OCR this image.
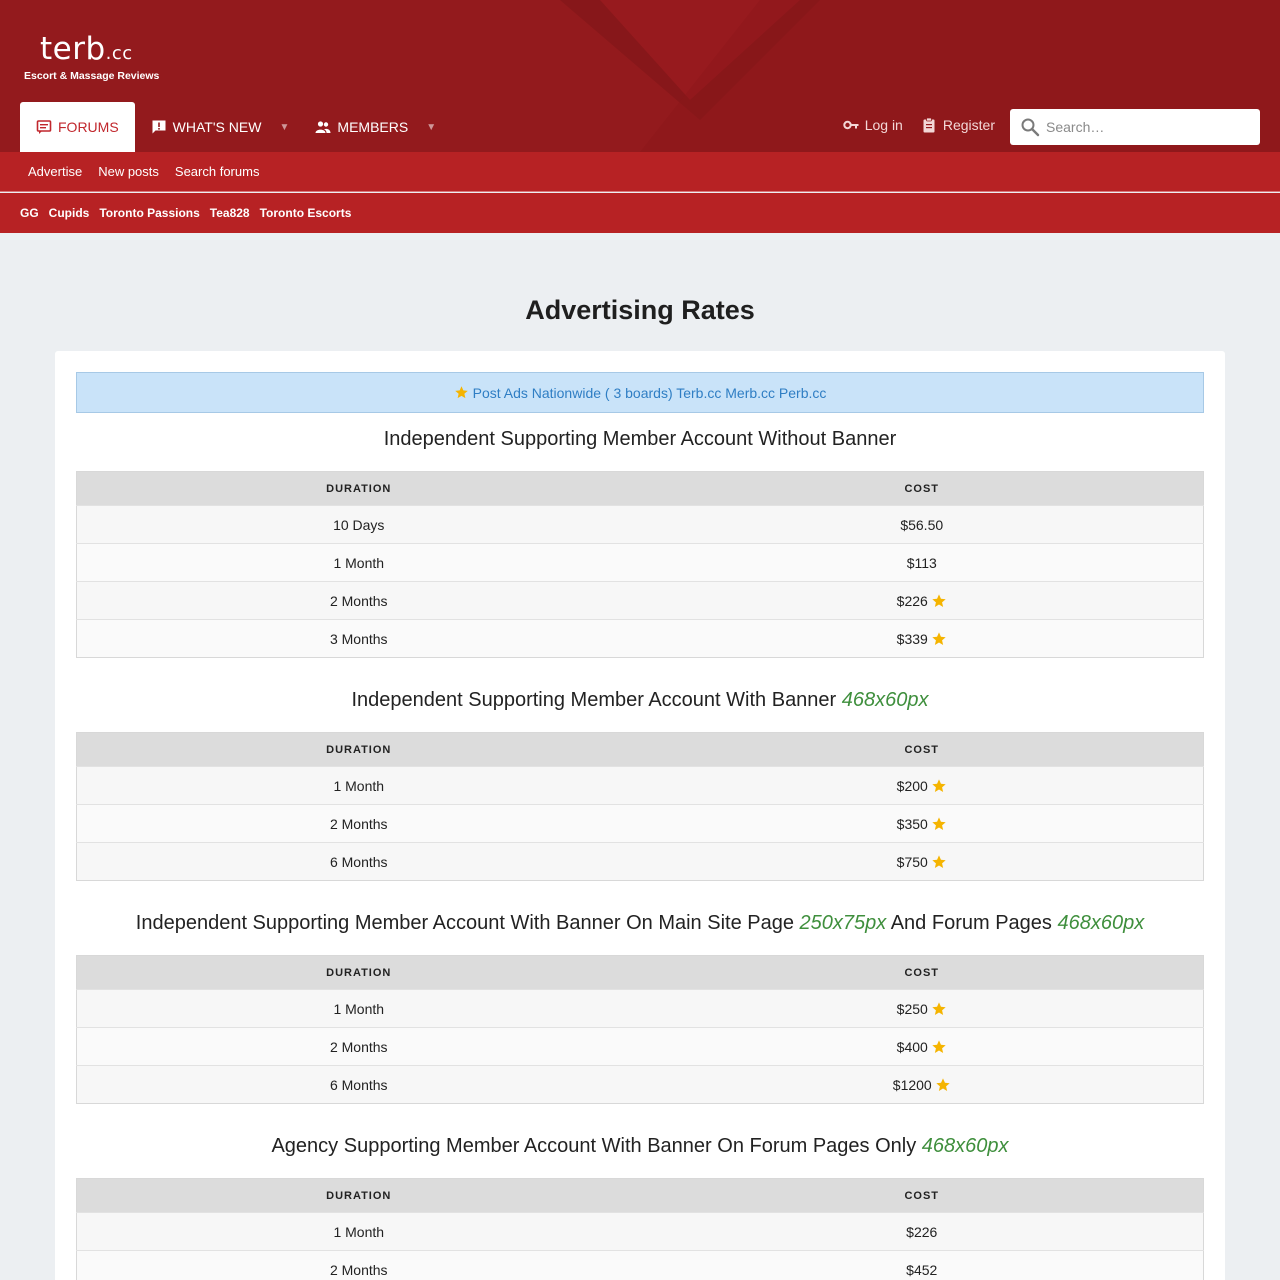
terb.cc
Escort & Massage Reviews
FORUMS	WHAT'S NEW ▼	MEMBERS ▼	Log in	Register
Search…
Advertise	New posts	Search forums
GG Cupids Toronto Passions Tea828 Toronto Escorts
Advertising Rates
Post Ads Nationwide ( 3 boards) Terb.cc Merb.cc Perb.cc
Independent Supporting Member Account Without Banner
DURATION	COST
10 Days	$56.50

1 Month	$113

2 Months	$226

3 Months	$339
Independent Supporting Member Account With Banner 468x60px
DURATION	COST
1 Month	$200

2 Months	$350

6 Months	$750
Independent Supporting Member Account With Banner On Main Site Page 250x75px And Forum Pages 468x60px
DURATION	COST
1 Month	$250

2 Months	$400

6 Months	$1200
Agency Supporting Member Account With Banner On Forum Pages Only 468x60px
DURATION	COST
1 Month	$226

2 Months	$452
